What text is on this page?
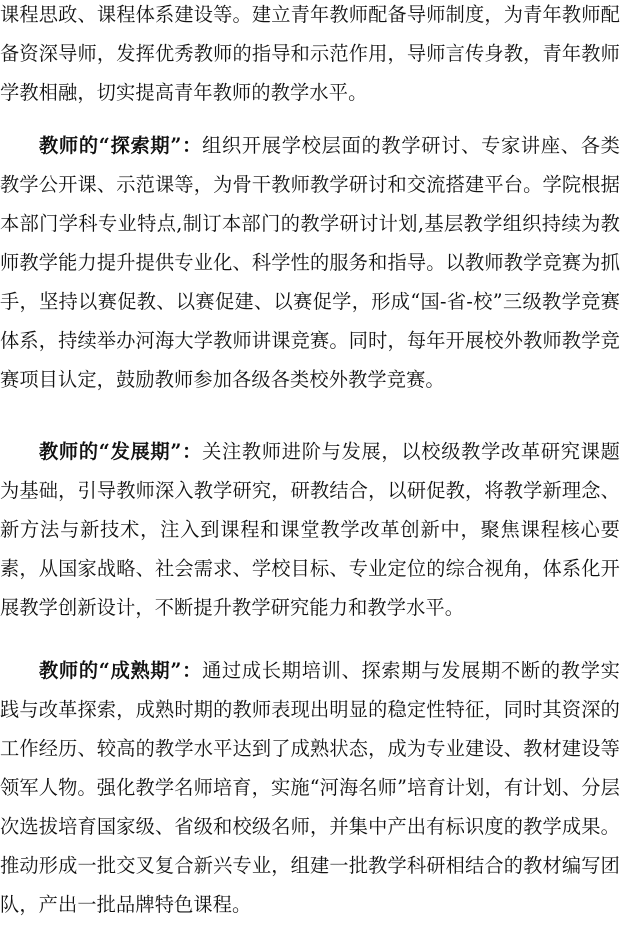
课程思政、课程体系建设等。建立青年教师配备导师制度，为青年教师配备资深导师，发挥优秀教师的指导和示范作用，导师言传身教，青年教师学教相融，切实提高青年教师的教学水平。

教师的“探索期”：组织开展学校层面的教学研讨、专家讲座、各类教学公开课、示范课等，为骨干教师教学研讨和交流搭建平台。学院根据本部门学科专业特点,制订本部门的教学研讨计划,基层教学组织持续为教师教学能力提升提供专业化、科学性的服务和指导。以教师教学竞赛为抓手，坚持以赛促教、以赛促建、以赛促学，形成“国-省-校”三级教学竞赛体系，持续举办河海大学教师讲课竞赛。同时，每年开展校外教师教学竞赛项目认定，鼓励教师参加各级各类校外教学竞赛。

教师的“发展期”：关注教师进阶与发展，以校级教学改革研究课题为基础，引导教师深入教学研究，研教结合，以研促教，将教学新理念、新方法与新技术，注入到课程和课堂教学改革创新中，聚焦课程核心要素，从国家战略、社会需求、学校目标、专业定位的综合视角，体系化开展教学创新设计，不断提升教学研究能力和教学水平。

教师的“成熟期”：通过成长期培训、探索期与发展期不断的教学实践与改革探索，成熟时期的教师表现出明显的稳定性特征，同时其资深的工作经历、较高的教学水平达到了成熟状态，成为专业建设、教材建设等领军人物。强化教学名师培育，实施“河海名师”培育计划，有计划、分层次选拔培育国家级、省级和校级名师，并集中产出有标识度的教学成果。推动形成一批交叉复合新兴专业，组建一批教学科研相结合的教材编写团队，产出一批品牌特色课程。
